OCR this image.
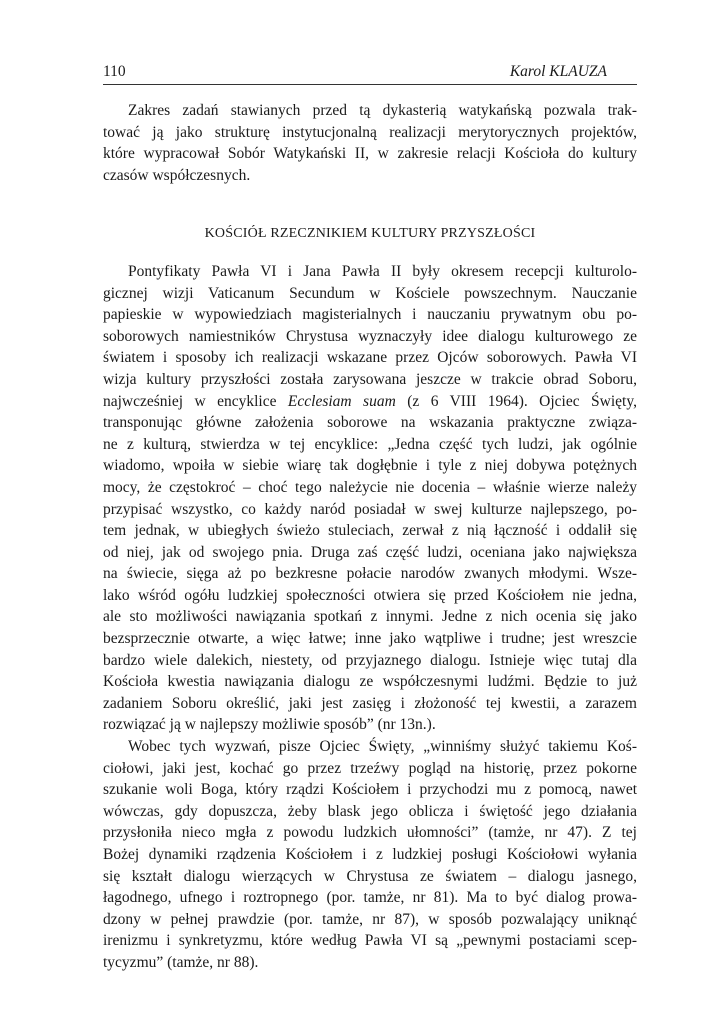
110	Karol KLAUZA
Zakres zadań stawianych przed tą dykasterią watykańską pozwala trak-
tować ją jako strukturę instytucjonalną realizacji merytorycznych projektów,
które wypracował Sobór Watykański II, w zakresie relacji Kościoła do kultury
czasów współczesnych.
KOŚCIÓŁ RZECZNIKIEM KULTURY PRZYSZŁOŚCI
Pontyfikaty Pawła VI i Jana Pawła II były okresem recepcji kulturolo-
gicznej wizji Vaticanum Secundum w Kościele powszechnym. Nauczanie
papieskie w wypowiedziach magisterialnych i nauczaniu prywatnym obu po-
soborowych namiestników Chrystusa wyznaczyły idee dialogu kulturowego ze
światem i sposoby ich realizacji wskazane przez Ojców soborowych. Pawła VI
wizja kultury przyszłości została zarysowana jeszcze w trakcie obrad Soboru,
najwcześniej w encyklice Ecclesiam suam (z 6 VIII 1964). Ojciec Święty,
transponując główne założenia soborowe na wskazania praktyczne związa-
ne z kulturą, stwierdza w tej encyklice: „Jedna część tych ludzi, jak ogólnie
wiadomo, wpoiła w siebie wiarę tak dogłębnie i tyle z niej dobywa potężnych
mocy, że częstokroć – choć tego należycie nie docenia – właśnie wierze należy
przypisać wszystko, co każdy naród posiadał w swej kulturze najlepszego, po-
tem jednak, w ubiegłych świeżo stuleciach, zerwał z nią łączność i oddalił się
od niej, jak od swojego pnia. Druga zaś część ludzi, oceniana jako największa
na świecie, sięga aż po bezkresne połacie narodów zwanych młodymi. Wsze-
lako wśród ogółu ludzkiej społeczności otwiera się przed Kościołem nie jedna,
ale sto możliwości nawiązania spotkań z innymi. Jedne z nich ocenia się jako
bezsprzecznie otwarte, a więc łatwe; inne jako wątpliwe i trudne; jest wreszcie
bardzo wiele dalekich, niestety, od przyjaznego dialogu. Istnieje więc tutaj dla
Kościoła kwestia nawiązania dialogu ze współczesnymi ludźmi. Będzie to już
zadaniem Soboru określić, jaki jest zasięg i złożoność tej kwestii, a zarazem
rozwiązać ją w najlepszy możliwie sposób” (nr 13n.).
Wobec tych wyzwań, pisze Ojciec Święty, „winniśmy służyć takiemu Koś-
ciołowi, jaki jest, kochać go przez trzeźwy pogląd na historię, przez pokorne
szukanie woli Boga, który rządzi Kościołem i przychodzi mu z pomocą, nawet
wówczas, gdy dopuszcza, żeby blask jego oblicza i świętość jego działania
przysłoniła nieco mgła z powodu ludzkich ułomności” (tamże, nr 47). Z tej
Bożej dynamiki rządzenia Kościołem i z ludzkiej posługi Kościołowi wyłania
się kształt dialogu wierzących w Chrystusa ze światem – dialogu jasnego,
łagodnego, ufnego i roztropnego (por. tamże, nr 81). Ma to być dialog prowa-
dzony w pełnej prawdzie (por. tamże, nr 87), w sposób pozwalający uniknąć
irenizmu i synkretyzmu, które według Pawła VI są „pewnymi postaciami scep-
tycyzmu” (tamże, nr 88).
